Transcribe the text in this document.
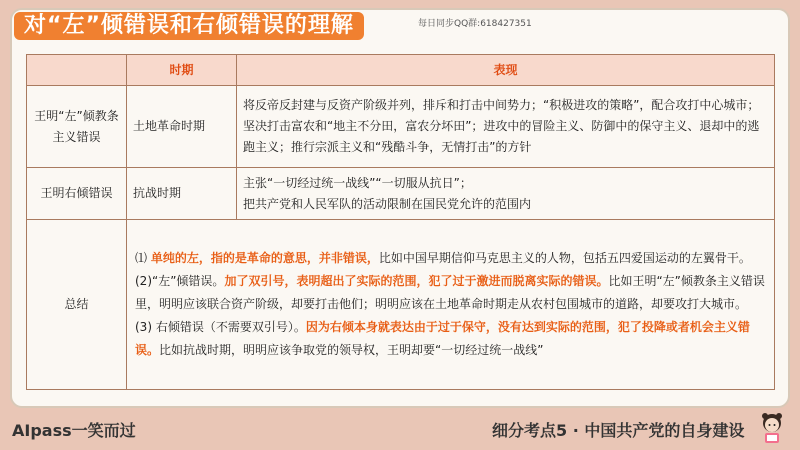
对“左”倾错误和右倾错误的理解	每日同步QQ群:618427351
	时期	表现
王明“左”倾教条主义错误	土地革命时期	将反帝反封建与反资产阶级并列，排斥和打击中间势力；“积极进攻的策略”，配合攻打中心城市；坚决打击富农和“地主不分田，富农分坏田”；进攻中的冒险主义、防御中的保守主义、退却中的逃跑主义；推行宗派主义和“残酷斗争，无情打击”的方针
王明右倾错误	抗战时期	主张“一切经过统一战线”“一切服从抗日”；
把共产党和人民军队的活动限制在国民党允许的范围内

总结	⑴ 单纯的左，指的是革命的意思，并非错误，比如中国早期信仰马克思主义的人物，包括五四爱国运动的左翼骨干。
(2)“左”倾错误。加了双引号，表明超出了实际的范围，犯了过于激进而脱离实际的错误。比如王明“左”倾教条主义错误里，明明应该联合资产阶级，却要打击他们；明明应该在土地革命时期走从农村包围城市的道路，却要攻打大城市。
(3) 右倾错误（不需要双引号）。因为右倾本身就表达由于过于保守，没有达到实际的范围，犯了投降或者机会主义错误。比如抗战时期，明明应该争取党的领导权，王明却要“一切经过统一战线”	
AIpass一笑而过	细分考点5 · 中国共产党的自身建设
